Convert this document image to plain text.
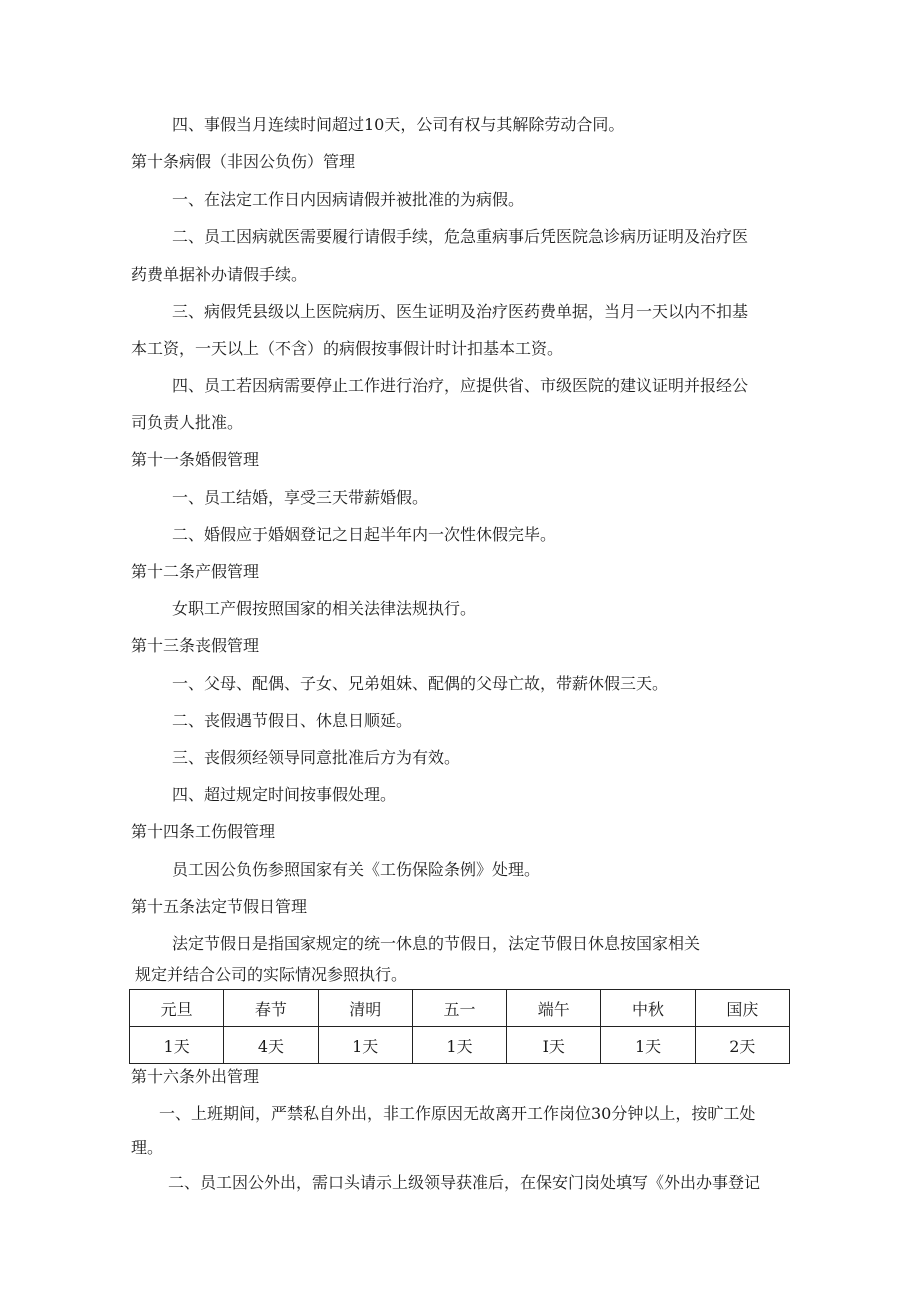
四、事假当月连续时间超过10天，公司有权与其解除劳动合同。

第十条病假（非因公负伤）管理

一、在法定工作日内因病请假并被批准的为病假。

二、员工因病就医需要履行请假手续，危急重病事后凭医院急诊病历证明及治疗医

药费单据补办请假手续。

三、病假凭县级以上医院病历、医生证明及治疗医药费单据，当月一天以内不扣基

本工资，一天以上（不含）的病假按事假计时计扣基本工资。

四、员工若因病需要停止工作进行治疗，应提供省、市级医院的建议证明并报经公

司负责人批准。

第十一条婚假管理

一、员工结婚，享受三天带薪婚假。

二、婚假应于婚姻登记之日起半年内一次性休假完毕。

第十二条产假管理

女职工产假按照国家的相关法律法规执行。

第十三条丧假管理

一、父母、配偶、子女、兄弟姐妹、配偶的父母亡故，带薪休假三天。

二、丧假遇节假日、休息日顺延。

三、丧假须经领导同意批准后方为有效。

四、超过规定时间按事假处理。

第十四条工伤假管理

员工因公负伤参照国家有关《工伤保险条例》处理。

第十五条法定节假日管理

法定节假日是指国家规定的统一休息的节假日，法定节假日休息按国家相关

规定并结合公司的实际情况参照执行。

元旦	春节	清明	五一	端午	中秋	国庆
1天	4天	1天	1天	I天	1天	2天

第十六条外出管理

一、上班期间，严禁私自外出，非工作原因无故离开工作岗位30分钟以上，按旷工处

理。

二、员工因公外出，需口头请示上级领导获准后，在保安门岗处填写《外出办事登记
